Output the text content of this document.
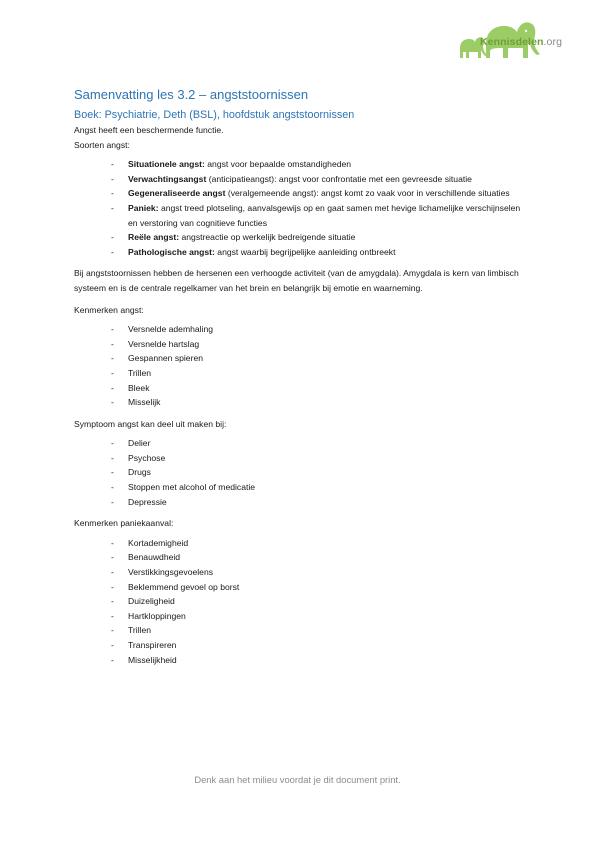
Kennisdelen.org
Samenvatting les 3.2 – angststoornissen
Boek: Psychiatrie, Deth (BSL), hoofdstuk angststoornissen

Angst heeft een beschermende functie.

Soorten angst:

- Situationele angst: angst voor bepaalde omstandigheden
- Verwachtingsangst (anticipatieangst): angst voor confrontatie met een gevreesde situatie
- Gegeneraliseerde angst (veralgemeende angst): angst komt zo vaak voor in verschillende situaties
- Paniek: angst treed plotseling, aanvalsgewijs op en gaat samen met hevige lichamelijke verschijnselen en verstoring van cognitieve functies
- Reële angst: angstreactie op werkelijk bedreigende situatie
- Pathologische angst: angst waarbij begrijpelijke aanleiding ontbreekt

Bij angststoornissen hebben de hersenen een verhoogde activiteit (van de amygdala). Amygdala is kern van limbisch systeem en is de centrale regelkamer van het brein en belangrijk bij emotie en waarneming.

Kenmerken angst:

- Versnelde ademhaling
- Versnelde hartslag
- Gespannen spieren
- Trillen
- Bleek
- Misselijk

Symptoom angst kan deel uit maken bij:

- Delier
- Psychose
- Drugs
- Stoppen met alcohol of medicatie
- Depressie

Kenmerken paniekaanval:

- Kortademigheid
- Benauwdheid
- Verstikkingsgevoelens
- Beklemmend gevoel op borst
- Duizeligheid
- Hartkloppingen
- Trillen
- Transpireren
- Misselijkheid
Denk aan het milieu voordat je dit document print.
